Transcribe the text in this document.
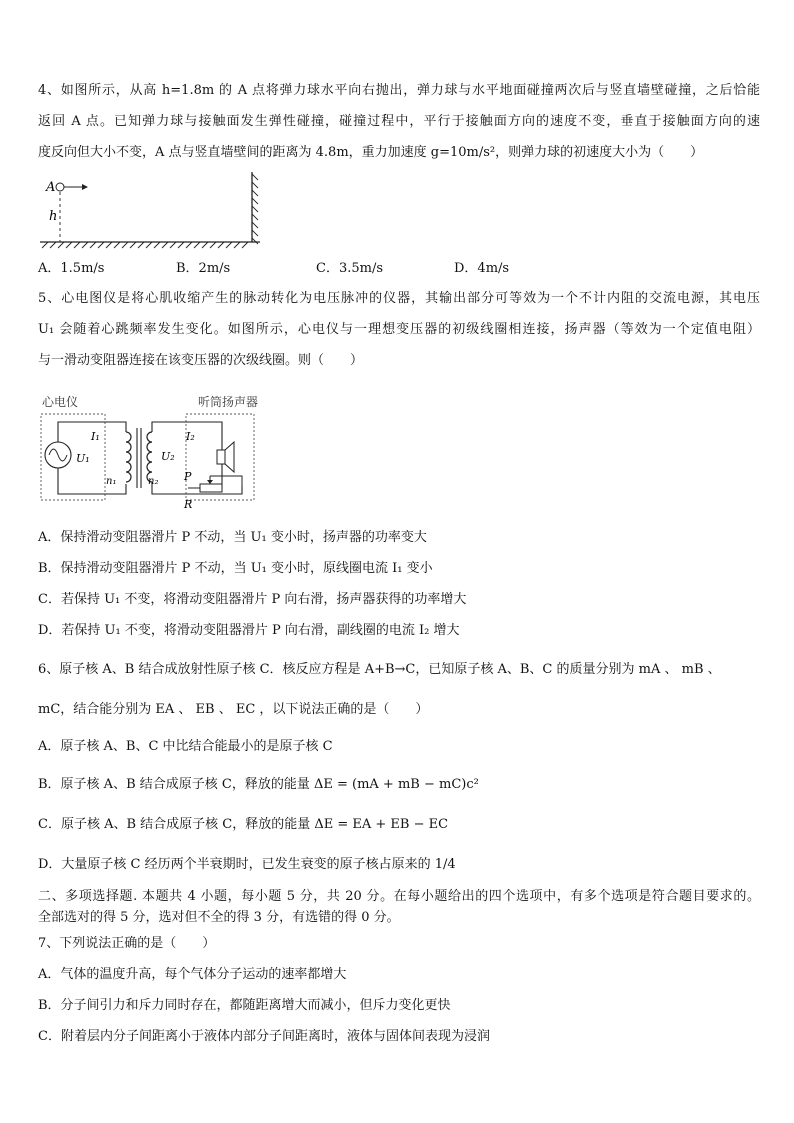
4、如图所示，从高 h=1.8m 的 A 点将弹力球水平向右抛出，弹力球与水平地面碰撞两次后与竖直墙壁碰撞，之后恰能
返回 A 点。已知弹力球与接触面发生弹性碰撞，碰撞过程中，平行于接触面方向的速度不变，垂直于接触面方向的速
度反向但大小不变，A 点与竖直墙壁间的距离为 4.8m，重力加速度 g=10m/s²，则弹力球的初速度大小为（　　）
A
h
A．1.5m/s	B．2m/s	C．3.5m/s	D．4m/s
5、心电图仪是将心肌收缩产生的脉动转化为电压脉冲的仪器，其输出部分可等效为一个不计内阻的交流电源，其电压
U₁ 会随着心跳频率发生变化。如图所示，心电仪与一理想变压器的初级线圈相连接，扬声器（等效为一个定值电阻）
与一滑动变阻器连接在该变压器的次级线圈。则（　　）
心电仪	听筒扬声器
I₁
U₁
n₁
U₂
n₂
I₂
P
R
A．保持滑动变阻器滑片 P 不动，当 U₁ 变小时，扬声器的功率变大
B．保持滑动变阻器滑片 P 不动，当 U₁ 变小时，原线圈电流 I₁ 变小
C．若保持 U₁ 不变，将滑动变阻器滑片 P 向右滑，扬声器获得的功率增大
D．若保持 U₁ 不变，将滑动变阻器滑片 P 向右滑，副线圈的电流 I₂ 增大
6、原子核 A、B 结合成放射性原子核 C．核反应方程是 A+B→C，已知原子核 A、B、C 的质量分别为 mA 、 mB 、
mC，结合能分别为 EA 、 EB 、 EC ，以下说法正确的是（　　）
A．原子核 A、B、C 中比结合能最小的是原子核 C
B．原子核 A、B 结合成原子核 C，释放的能量 ΔE = (mA + mB − mC)c²
C．原子核 A、B 结合成原子核 C，释放的能量 ΔE = EA + EB − EC
D．大量原子核 C 经历两个半衰期时，已发生衰变的原子核占原来的 1/4
二、多项选择题. 本题共 4 小题，每小题 5 分，共 20 分。在每小题给出的四个选项中，有多个选项是符合题目要求的。
全部选对的得 5 分，选对但不全的得 3 分，有选错的得 0 分。
7、下列说法正确的是（　　）
A．气体的温度升高，每个气体分子运动的速率都增大
B．分子间引力和斥力同时存在，都随距离增大而减小，但斥力变化更快
C．附着层内分子间距离小于液体内部分子间距离时，液体与固体间表现为浸润
